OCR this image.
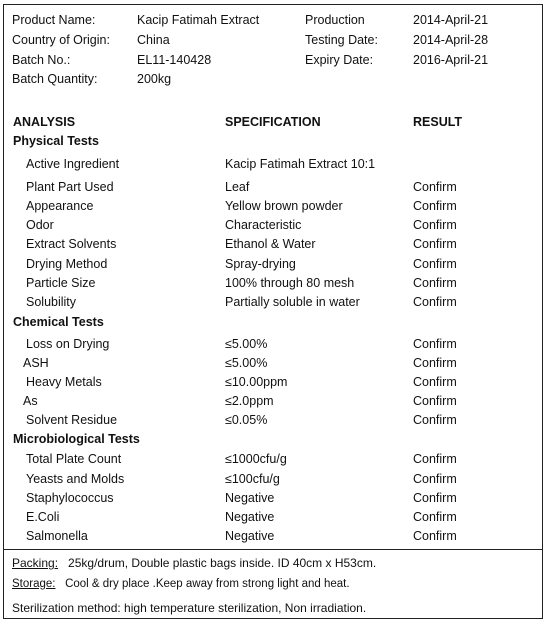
Product Name:	Kacip Fatimah Extract	Production	2014-April-21
Country of Origin: China	Testing Date:	2014-April-28
Batch No.:	EL11-140428	Expiry Date:	2016-April-21
Batch Quantity:	200kg
ANALYSIS	SPECIFICATION	RESULT
Physical Tests
Active Ingredient	Kacip Fatimah Extract 10:1
Plant Part Used	Leaf	Confirm
Appearance	Yellow brown powder	Confirm
Odor	Characteristic	Confirm
Extract Solvents	Ethanol & Water	Confirm
Drying Method	Spray-drying	Confirm
Particle Size	100% through 80 mesh	Confirm
Solubility	Partially soluble in water	Confirm
Chemical Tests
Loss on Drying	≤5.00%	Confirm
ASH	≤5.00%	Confirm
Heavy Metals	≤10.00ppm	Confirm
As	≤2.0ppm	Confirm
Solvent Residue	≤0.05%	Confirm
Microbiological Tests
Total Plate Count	≤1000cfu/g	Confirm
Yeasts and Molds	≤100cfu/g	Confirm
Staphylococcus	Negative	Confirm
E.Coli	Negative	Confirm
Salmonella	Negative	Confirm
Packing: 25kg/drum, Double plastic bags inside. ID 40cm x H53cm.
Storage: Cool & dry place .Keep away from strong light and heat.
Sterilization method: high temperature sterilization, Non irradiation.
